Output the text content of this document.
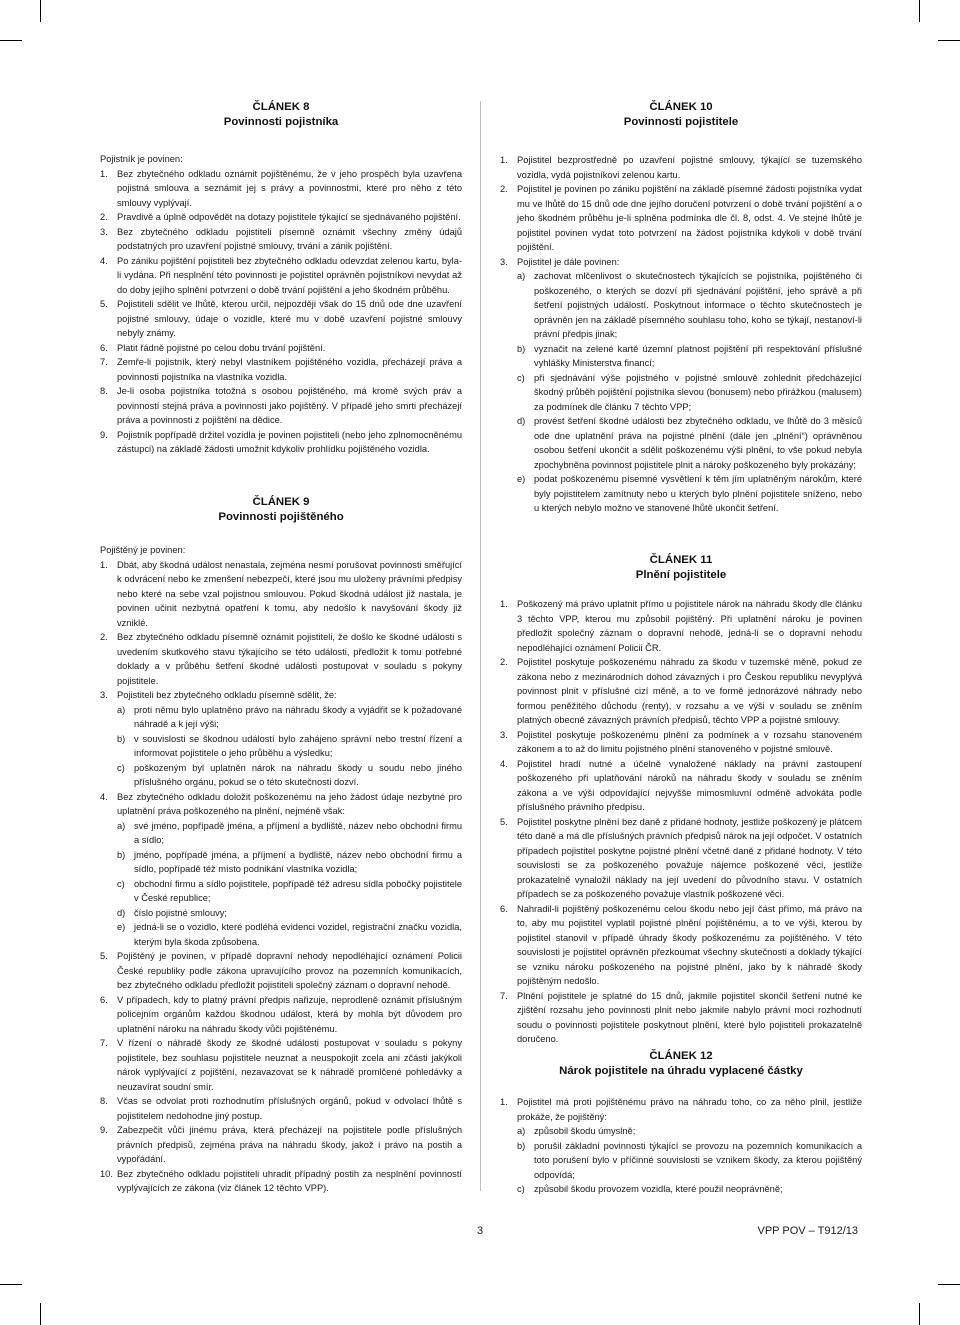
ČLÁNEK 8
Povinnosti pojistníka

Pojistník je povinen:

1. Bez zbytečného odkladu oznámit pojištěnému, že v jeho prospěch byla uzavřena pojistná smlouva a seznámit jej s právy a povinnostmi, které pro něho z této smlouvy vyplývají.
2. Pravdivě a úplně odpovědět na dotazy pojistitele týkající se sjednávaného pojištění.
3. Bez zbytečného odkladu pojistiteli písemně oznámit všechny změny údajů podstatných pro uzavření pojistné smlouvy, trvání a zánik pojištění.
4. Po zániku pojištění pojistiteli bez zbytečného odkladu odevzdat zelenou kartu, byla-li vydána. Při nesplnění této povinnosti je pojistitel oprávněn pojistníkovi nevydat až do doby jejího splnění potvrzení o době trvání pojištění a jeho škodném průběhu.
5. Pojistiteli sdělit ve lhůtě, kterou určil, nejpozději však do 15 dnů ode dne uzavření pojistné smlouvy, údaje o vozidle, které mu v době uzavření pojistné smlouvy nebyly známy.
6. Platit řádně pojistné po celou dobu trvání pojištění.
7. Zemře-li pojistník, který nebyl vlastníkem pojištěného vozidla, přecházejí práva a povinnosti pojistníka na vlastníka vozidla.
8. Je-li osoba pojistníka totožná s osobou pojištěného, má kromě svých práv a povinností stejná práva a povinnosti jako pojištěný. V případě jeho smrti přecházejí práva a povinnosti z pojištění na dědice.
9. Pojistník popřípadě držitel vozidla je povinen pojistiteli (nebo jeho zplnomocněnému zástupci) na základě žádosti umožnit kdykoliv prohlídku pojištěného vozidla.
ČLÁNEK 9
Povinnosti pojištěného

Pojištěný je povinen:

1. Dbát, aby škodná událost nenastala, zejména nesmí porušovat povinnosti směřující k odvrácení nebo ke zmenšení nebezpečí, které jsou mu uloženy právními předpisy nebo které na sebe vzal pojistnou smlouvou. Pokud škodná událost již nastala, je povinen učinit nezbytná opatření k tomu, aby nedošlo k navyšování škody již vzniklé.
2. Bez zbytečného odkladu písemně oznámit pojistiteli, že došlo ke škodné události s uvedením skutkového stavu týkajícího se této události, předložit k tomu potřebné doklady a v průběhu šetření škodné události postupovat v souladu s pokyny pojistitele.
3. Pojistiteli bez zbytečného odkladu písemně sdělit, že:
a) proti němu bylo uplatněno právo na náhradu škody a vyjádřit se k požadované náhradě a k její výši;
b) v souvislosti se škodnou událostí bylo zahájeno správní nebo trestní řízení a informovat pojistitele o jeho průběhu a výsledku;
c) poškozeným byl uplatněn nárok na náhradu škody u soudu nebo jiného příslušného orgánu, pokud se o této skutečnosti dozví.
4. Bez zbytečného odkladu doložit poškozenému na jeho žádost údaje nezbytné pro uplatnění práva poškozeného na plnění, nejméně však:
a) své jméno, popřípadě jména, a příjmení a bydliště, název nebo obchodní firmu a sídlo;
b) jméno, popřípadě jména, a příjmení a bydliště, název nebo obchodní firmu a sídlo, popřípadě též místo podnikání vlastníka vozidla;
c) obchodní firmu a sídlo pojistitele, popřípadě též adresu sídla pobočky pojistitele v České republice;
d) číslo pojistné smlouvy;
e) jedná-li se o vozidlo, které podléhá evidenci vozidel, registrační značku vozidla, kterým byla škoda způsobena.
5. Pojištěný je povinen, v případě dopravní nehody nepodléhající oznámení Policii České republiky podle zákona upravujícího provoz na pozemních komunikacích, bez zbytečného odkladu předložit pojistiteli společný záznam o dopravní nehodě.
6. V případech, kdy to platný právní předpis nařizuje, neprodleně oznámit příslušným policejním orgánům každou škodnou událost, která by mohla být důvodem pro uplatnění nároku na náhradu škody vůči pojištěnému.
7. V řízení o náhradě škody ze škodné události postupovat v souladu s pokyny pojistitele, bez souhlasu pojistitele neuznat a neuspokojit zcela ani zčásti jakýkoli nárok vyplývající z pojištění, nezavazovat se k náhradě promlčené pohledávky a neuzavírat soudní smír.
8. Včas se odvolat proti rozhodnutím příslušných orgánů, pokud v odvolací lhůtě s pojistitelem nedohodne jiný postup.
9. Zabezpečit vůči jinému práva, která přecházejí na pojistitele podle příslušných právních předpisů, zejména práva na náhradu škody, jakož i právo na postih a vypořádání.
10. Bez zbytečného odkladu pojistiteli uhradit případný postih za nesplnění povinností vyplývajících ze zákona (viz článek 12 těchto VPP).
ČLÁNEK 10
Povinnosti pojistitele
1. Pojistitel bezprostředně po uzavření pojistné smlouvy, týkající se tuzemského vozidla, vydá pojistníkovi zelenou kartu.
2. Pojistitel je povinen po zániku pojištění na základě písemné žádosti pojistníka vydat mu ve lhůtě do 15 dnů ode dne jejího doručení potvrzení o době trvání pojištění a o jeho škodném průběhu je-li splněna podmínka dle čl. 8, odst. 4. Ve stejné lhůtě je pojistitel povinen vydat toto potvrzení na žádost pojistníka kdykoli v době trvání pojištění.
3. Pojistitel je dále povinen:
a) zachovat mlčenlivost o skutečnostech týkajících se pojistníka, pojištěného či poškozeného, o kterých se dozví při sjednávání pojištění, jeho správě a při šetření pojistných událostí. Poskytnout informace o těchto skutečnostech je oprávněn jen na základě písemného souhlasu toho, koho se týkají, nestanoví-li právní předpis jinak;
b) vyznačit na zelené kartě územní platnost pojištění při respektování příslušné vyhlášky Ministerstva financí;
c) při sjednávání výše pojistného v pojistné smlouvě zohlednit předcházející škodný průběh pojištění pojistníka slevou (bonusem) nebo přirážkou (malusem) za podmínek dle článku 7 těchto VPP;
d) provést šetření škodné události bez zbytečného odkladu, ve lhůtě do 3 měsíců ode dne uplatnění práva na pojistné plnění (dále jen „plnění“) oprávněnou osobou šetření ukončit a sdělit poškozenému výši plnění, to vše pokud nebyla zpochybněna povinnost pojistitele plnit a nároky poškozeného byly prokázány;
e) podat poškozenému písemné vysvětlení k těm jím uplatněným nárokům, které byly pojistitelem zamítnuty nebo u kterých bylo plnění pojistitele sníženo, nebo u kterých nebylo možno ve stanovené lhůtě ukončit šetření.
ČLÁNEK 11
Plnění pojistitele
1. Poškozený má právo uplatnit přímo u pojistitele nárok na náhradu škody dle článku 3 těchto VPP, kterou mu způsobil pojištěný. Při uplatnění nároku je povinen předložit společný záznam o dopravní nehodě, jedná-li se o dopravní nehodu nepodléhající oznámení Policii ČR.
2. Pojistitel poskytuje poškozenému náhradu za škodu v tuzemské měně, pokud ze zákona nebo z mezinárodních dohod závazných i pro Českou republiku nevyplývá povinnost plnit v příslušné cizí měně, a to ve formě jednorázové náhrady nebo formou peněžitého důchodu (renty), v rozsahu a ve výši v souladu se zněním platných obecně závazných právních předpisů, těchto VPP a pojistné smlouvy.
3. Pojistitel poskytuje poškozenému plnění za podmínek a v rozsahu stanoveném zákonem a to až do limitu pojistného plnění stanoveného v pojistné smlouvě.
4. Pojistitel hradí nutné a účelně vynaložené náklady na právní zastoupení poškozeného při uplatňování nároků na náhradu škody v souladu se zněním zákona a ve výši odpovídající nejvyšše mimosmluvní odměně advokáta podle příslušného právního předpisu.
5. Pojistitel poskytne plnění bez daně z přidané hodnoty, jestliže poškozený je plátcem této daně a má dle příslušných právních předpisů nárok na její odpočet. V ostatních případech pojistitel poskytne pojistné plnění včetně daně z přidané hodnoty. V této souvislosti se za poškozeného považuje nájemce poškozené věci, jestliže prokazatelně vynaložil náklady na její uvedení do původního stavu. V ostatních případech se za poškozeného považuje vlastník poškozené věci.
6. Nahradil-li pojištěný poškozenému celou škodu nebo její část přímo, má právo na to, aby mu pojistitel vyplatil pojistné plnění pojištěnému, a to ve výši, kterou by pojistitel stanovil v případě úhrady škody poškozenému za pojištěného. V této souvislosti je pojistitel oprávněn přezkoumat všechny skutečnosti a doklady týkající se vzniku nároku poškozeného na pojistné plnění, jako by k náhradě škody pojištěným nedošlo.
7. Plnění pojistitele je splatné do 15 dnů, jakmile pojistitel skončil šetření nutné ke zjištění rozsahu jeho povinnosti plnit nebo jakmile nabylo právní moci rozhodnutí soudu o povinnosti pojistitele poskytnout plnění, které bylo pojistiteli prokazatelně doručeno.
ČLÁNEK 12
Nárok pojistitele na úhradu vyplacené částky
1. Pojistitel má proti pojištěnému právo na náhradu toho, co za něho plnil, jestliže prokáže, že pojištěný:
a) způsobil škodu úmyslně;
b) porušil základní povinnosti týkající se provozu na pozemních komunikacích a toto porušení bylo v příčinné souvislosti se vznikem škody, za kterou pojištěný odpovídá;
c) způsobil škodu provozem vozidla, které použil neoprávněně;
3	VPP POV – T912/13
